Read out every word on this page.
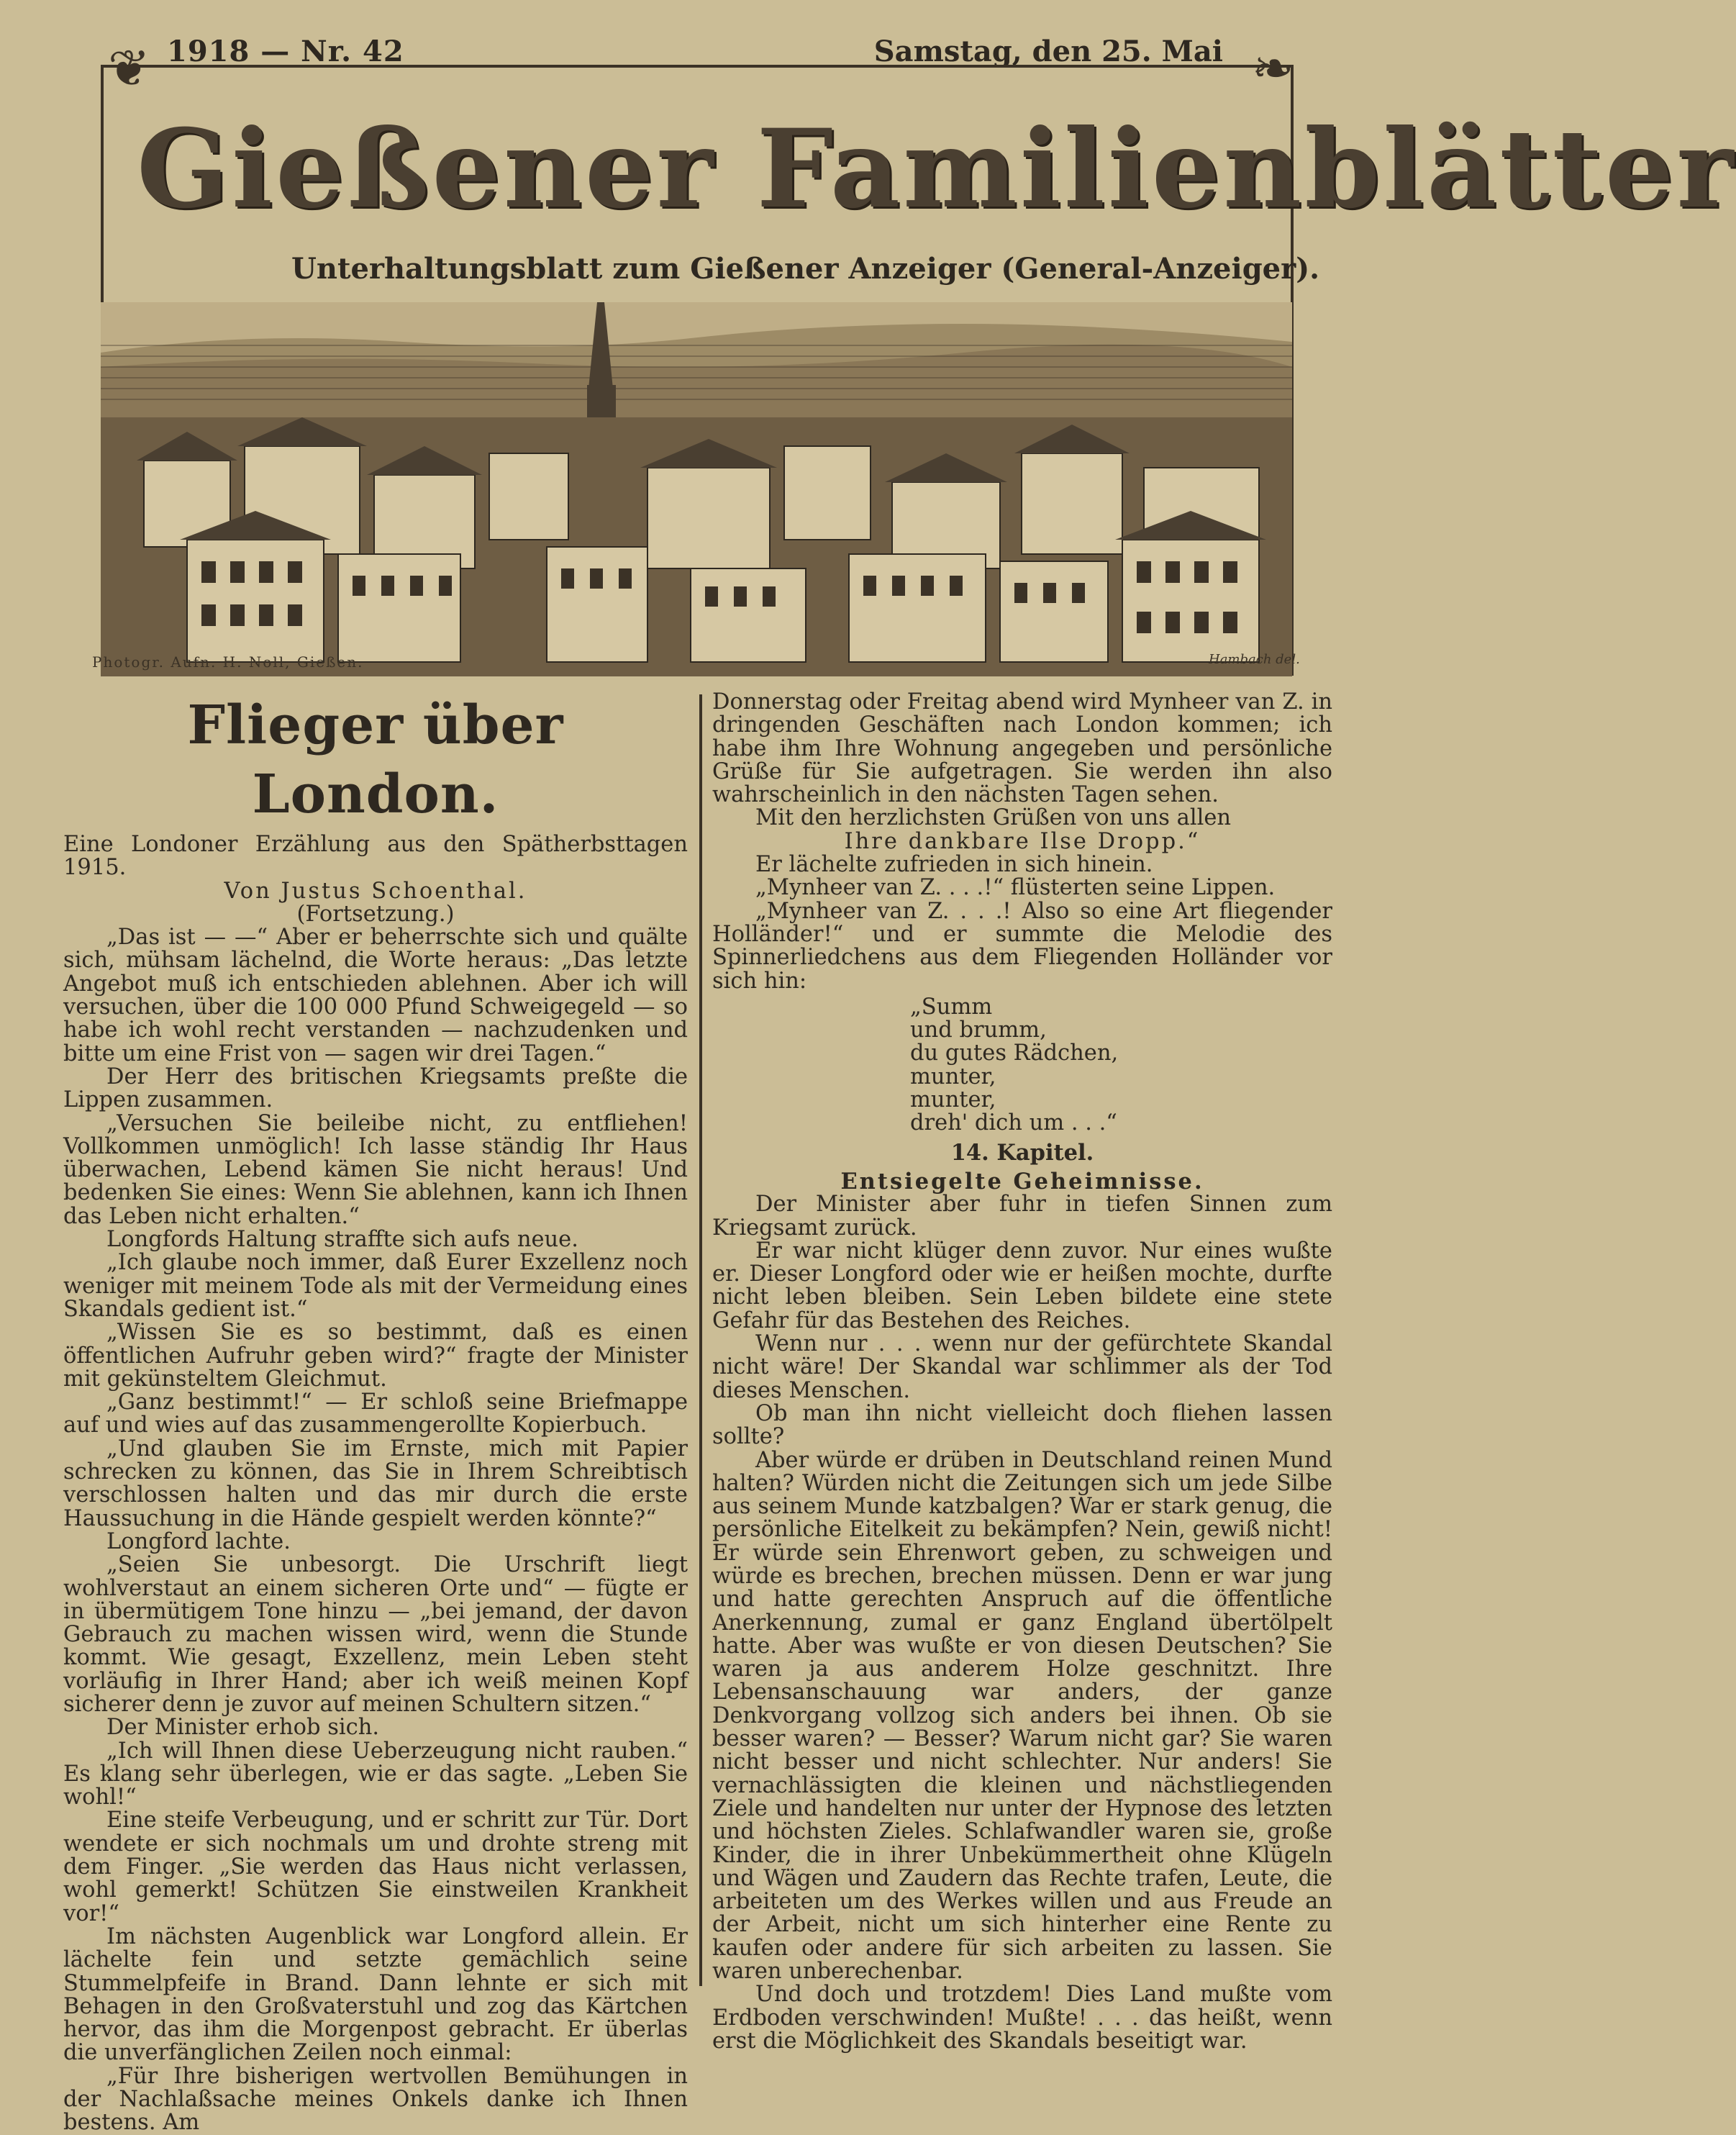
1918 — Nr. 42	Samstag, den 25. Mai
❦	❧
Gießener Familienblätter
Unterhaltungsblatt zum Gießener Anzeiger (General-Anzeiger).
Photogr. Aufn. H. Noll, Gießen.	Hambach del.
Flieger über London.

Eine Londoner Erzählung aus den Spätherbsttagen 1915.

Von Justus Schoenthal.

(Fortsetzung.)

„Das ist — —“ Aber er beherrschte sich und quälte sich, mühsam lächelnd, die Worte heraus: „Das letzte Angebot muß ich entschieden ablehnen. Aber ich will versuchen, über die 100 000 Pfund Schweigegeld — so habe ich wohl recht verstanden — nachzudenken und bitte um eine Frist von — sagen wir drei Tagen.“

Der Herr des britischen Kriegsamts preßte die Lippen zusammen.

„Versuchen Sie beileibe nicht, zu entfliehen! Vollkommen unmöglich! Ich lasse ständig Ihr Haus überwachen, Lebend kämen Sie nicht heraus! Und bedenken Sie eines: Wenn Sie ablehnen, kann ich Ihnen das Leben nicht erhalten.“

Longfords Haltung straffte sich aufs neue.

„Ich glaube noch immer, daß Eurer Exzellenz noch weniger mit meinem Tode als mit der Vermeidung eines Skandals gedient ist.“

„Wissen Sie es so bestimmt, daß es einen öffentlichen Aufruhr geben wird?“ fragte der Minister mit gekünsteltem Gleichmut.

„Ganz bestimmt!“ — Er schloß seine Briefmappe auf und wies auf das zusammengerollte Kopierbuch.

„Und glauben Sie im Ernste, mich mit Papier schrecken zu können, das Sie in Ihrem Schreibtisch verschlossen halten und das mir durch die erste Haussuchung in die Hände gespielt werden könnte?“

Longford lachte.

„Seien Sie unbesorgt. Die Urschrift liegt wohlverstaut an einem sicheren Orte und“ — fügte er in übermütigem Tone hinzu — „bei jemand, der davon Gebrauch zu machen wissen wird, wenn die Stunde kommt. Wie gesagt, Exzellenz, mein Leben steht vorläufig in Ihrer Hand; aber ich weiß meinen Kopf sicherer denn je zuvor auf meinen Schultern sitzen.“

Der Minister erhob sich.

„Ich will Ihnen diese Ueberzeugung nicht rauben.“ Es klang sehr überlegen, wie er das sagte. „Leben Sie wohl!“

Eine steife Verbeugung, und er schritt zur Tür. Dort wendete er sich nochmals um und drohte streng mit dem Finger. „Sie werden das Haus nicht verlassen, wohl gemerkt! Schützen Sie einstweilen Krankheit vor!“

Im nächsten Augenblick war Longford allein. Er lächelte fein und setzte gemächlich seine Stummelpfeife in Brand. Dann lehnte er sich mit Behagen in den Großvaterstuhl und zog das Kärtchen hervor, das ihm die Morgenpost gebracht. Er überlas die unverfänglichen Zeilen noch einmal:

„Für Ihre bisherigen wertvollen Bemühungen in der Nachlaßsache meines Onkels danke ich Ihnen bestens. Am

Donnerstag oder Freitag abend wird Mynheer van Z. in dringenden Geschäften nach London kommen; ich habe ihm Ihre Wohnung angegeben und persönliche Grüße für Sie aufgetragen. Sie werden ihn also wahrscheinlich in den nächsten Tagen sehen.

Mit den herzlichsten Grüßen von uns allen

Ihre dankbare Ilse Dropp.“

Er lächelte zufrieden in sich hinein.

„Mynheer van Z. . . .!“ flüsterten seine Lippen.

„Mynheer van Z. . . .! Also so eine Art fliegender Holländer!“ und er summte die Melodie des Spinnerliedchens aus dem Fliegenden Holländer vor sich hin:

„Summ
und brumm,
du gutes Rädchen,
munter,
munter,
dreh' dich um . . .“
14. Kapitel.
Entsiegelte Geheimnisse.

Der Minister aber fuhr in tiefen Sinnen zum Kriegsamt zurück.

Er war nicht klüger denn zuvor. Nur eines wußte er. Dieser Longford oder wie er heißen mochte, durfte nicht leben bleiben. Sein Leben bildete eine stete Gefahr für das Bestehen des Reiches.

Wenn nur . . . wenn nur der gefürchtete Skandal nicht wäre! Der Skandal war schlimmer als der Tod dieses Menschen.

Ob man ihn nicht vielleicht doch fliehen lassen sollte?

Aber würde er drüben in Deutschland reinen Mund halten? Würden nicht die Zeitungen sich um jede Silbe aus seinem Munde katzbalgen? War er stark genug, die persönliche Eitelkeit zu bekämpfen? Nein, gewiß nicht! Er würde sein Ehrenwort geben, zu schweigen und würde es brechen, brechen müssen. Denn er war jung und hatte gerechten Anspruch auf die öffentliche Anerkennung, zumal er ganz England übertölpelt hatte. Aber was wußte er von diesen Deutschen? Sie waren ja aus anderem Holze geschnitzt. Ihre Lebensanschauung war anders, der ganze Denkvorgang vollzog sich anders bei ihnen. Ob sie besser waren? — Besser? Warum nicht gar? Sie waren nicht besser und nicht schlechter. Nur anders! Sie vernachlässigten die kleinen und nächstliegenden Ziele und handelten nur unter der Hypnose des letzten und höchsten Zieles. Schlafwandler waren sie, große Kinder, die in ihrer Unbekümmertheit ohne Klügeln und Wägen und Zaudern das Rechte trafen, Leute, die arbeiteten um des Werkes willen und aus Freude an der Arbeit, nicht um sich hinterher eine Rente zu kaufen oder andere für sich arbeiten zu lassen. Sie waren unberechenbar.

Und doch und trotzdem! Dies Land mußte vom Erdboden verschwinden! Mußte! . . . das heißt, wenn erst die Möglichkeit des Skandals beseitigt war.
